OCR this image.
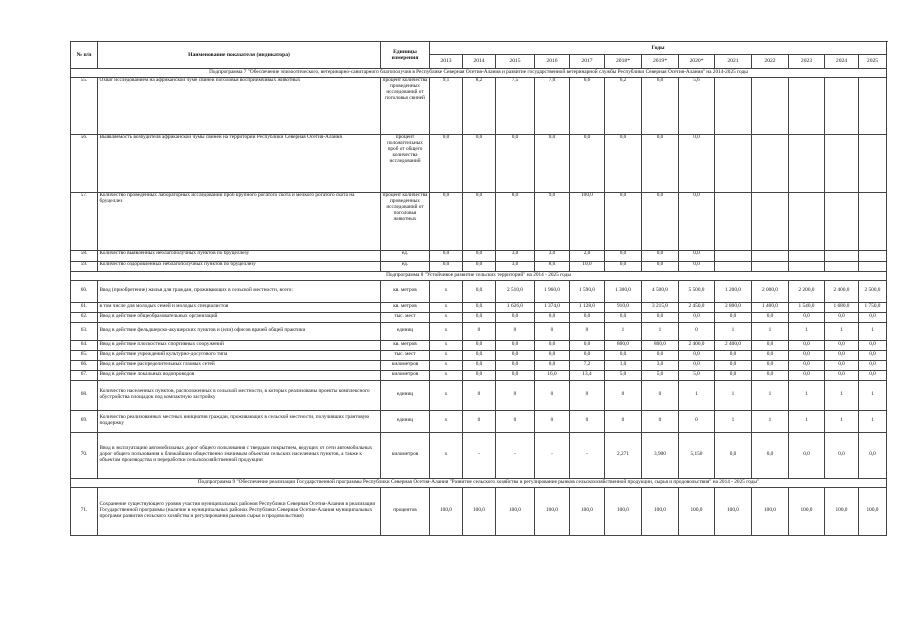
№ п/п	Наименование показателя (индикатора)	Единицы измерения	Годы													
			2013	2014	2015	2016	2017	2018*	2019*	2020*	2021	2022	2023	2024	2025	
Подпрограмма 7 "Обеспечение эпизоотического, ветеринарно-санитарного благополучия в Республике Северная Осетия-Алания и развитие государственной ветеринарной службы Республики Северная Осетия-Алания" на 2014-2025 годы																
55.	Охват исследованием на африканской чуме свиней поголовья восприимчивых животных	процент количества проведенных исследований от поголовья свиней	9,1	8,2	7,5	7,0	6,6	6,2	6,0	5,6						
56.	Выявляемость возбудителя африканской чумы свиней на территории Республики Северная Осетия-Алания	процент положительных проб от общего количества исследований	0,0	0,0	0,0	0,0	0,0	0,0	0,0	0,0						
57.	Количество проведенных лабораторных исследований проб крупного рогатого скота и мелкого рогатого скота на бруцеллез	процент количества проведенных исследований от поголовья животных	0,0	0,0	8,0	9,0	100,0	0,0	0,0	0,0						
58.	Количество выявленных неблагополучных пунктов по бруцеллезу	ед.	0,0	0,0	3,0	3,0	2,0	0,0	0,0	0,0						
59.	Количество оздоровленных неблагополучных пунктов по бруцеллезу	ед.	0,0	0,0	3,0	8,0	10,0	0,0	0,0	0,0						
Подпрограмма 8 "Устойчивое развитие сельских территорий" на 2014 - 2025 годы																
60.	Ввод (приобретение) жилья для граждан, проживающих в сельской местности, всего:	кв. метров	x	0,0	2 510,0	1 960,0	1 590,0	1 300,0	4 500,0	5 500,0	1 200,0	2 000,0	2 200,0	2 400,0	2 500,0	
61.	в том числе для молодых семей и молодых специалистов	кв. метров	x	0,0	1 626,0	1 374,0	1 128,0	910,0	3 215,0	2 450,0	2 800,0	1 400,0	1 540,0	1 680,0	1 750,0	
62.	Ввод в действие общеобразовательных организаций	тыс. мест	x	0,0	0,0	0,0	0,0	0,0	0,0	0,0	0,0	0,0	0,0	0,0	0,0	
63.	Ввод в действие фельдшерско-акушерских пунктов и (или) офисов врачей общей практики	единиц	x	0	0	0	0	1	1	0	1	1	1	1	1	
64.	Ввод в действие плоскостных спортивных сооружений	кв. метров	x	0,0	0,0	0,0	0,0	800,0	800,0	2 400,0	2 400,0	0,0	0,0	0,0	0,0	
65.	Ввод в действие учреждений культурно-досугового типа	тыс. мест	x	0,0	0,0	0,0	0,0	0,0	0,0	0,0	0,0	0,0	0,0	0,0	0,0	
66.	Ввод в действие распределительных газовых сетей	километров	x	0,0	0,0	0,0	7,2	1,0	3,0	0,0	0,0	0,0	0,0	0,0	0,0	
67.	Ввод в действие локальных водопроводов	километров	x	0,0	0,0	16,0	13,4	5,0	5,0	5,0	0,0	0,0	0,0	0,0	0,0	
68.	Количество населенных пунктов, расположенных в сельской местности, в которых реализованы проекты комплексного обустройства площадок под компактную застройку	единиц	x	0	0	0	0	0	0	1	1	1	1	1	1	
69.	Количество реализованных местных инициатив граждан, проживающих в сельской местности, получивших грантовую поддержку	единиц	x	0	0	0	0	0	0	0	1	1	1	1	1	
70.	Ввод в эксплуатацию автомобильных дорог общего пользования с твердым покрытием, ведущих от сети автомобильных дорог общего пользования к ближайшим общественно значимым объектам сельских населенных пунктов, а также к объектам производства и переработки сельскохозяйственной продукции	километров	x	-	-	-	-	2,271	3,900	5,150	0,0	0,0	0,0	0,0	0,0	
Подпрограмма 9 "Обеспечение реализации Государственной программы Республики Северная Осетия-Алания "Развитие сельского хозяйства и регулирование рынков сельскохозяйственной продукции, сырья и продовольствия" на 2014 - 2025 годы"																
71.	Сохранение существующего уровня участия муниципальных районов Республики Северная Осетия-Алания в реализации Государственной программы (наличие в муниципальных районах Республики Северная Осетия-Алания муниципальных программ развития сельского хозяйства и регулирования рынков сырья и продовольствия)	процентов	100,0	100,0	100,0	100,0	100,0	100,0	100,0	100,0	100,0	100,0	100,0	100,0	100,0	
